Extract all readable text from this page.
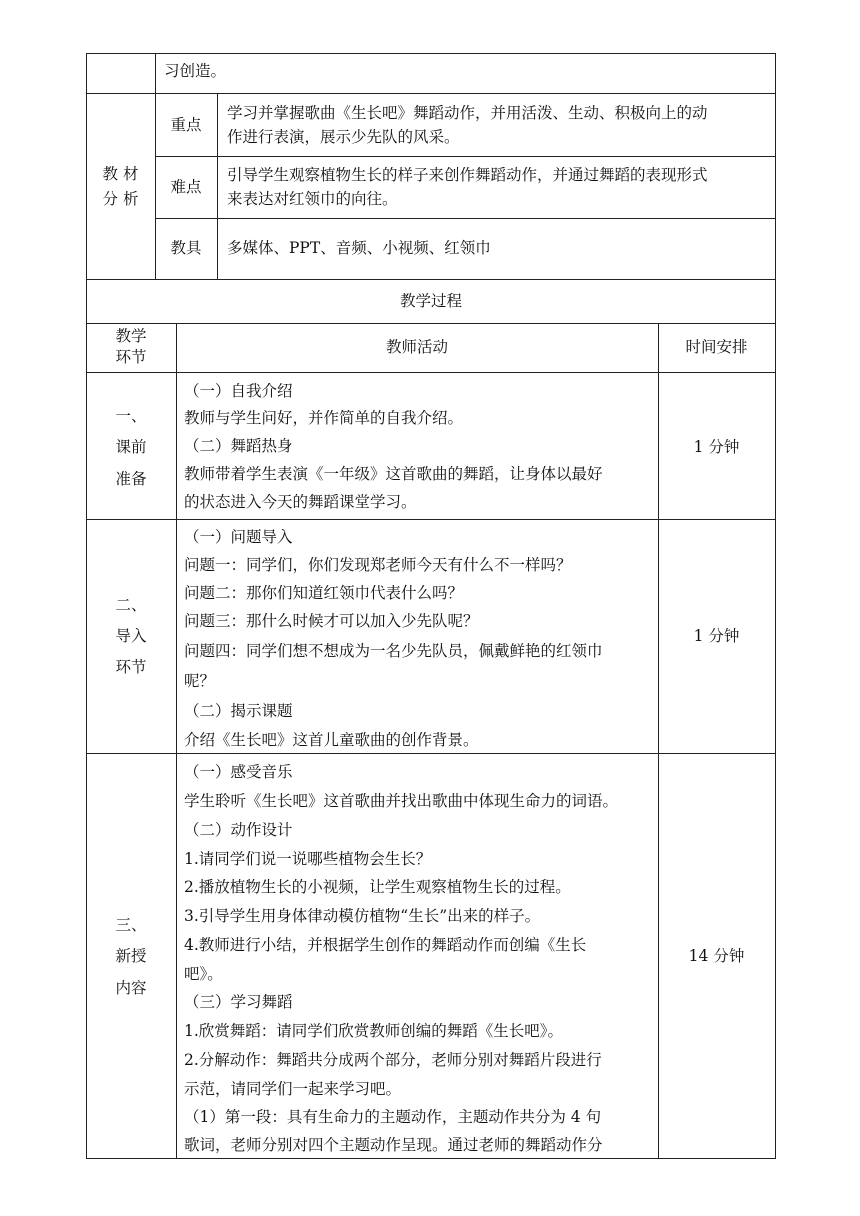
习创造。
教 材
分 析
重点
学习并掌握歌曲《生长吧》舞蹈动作，并用活泼、生动、积极向上的动
作进行表演，展示少先队的风采。
难点
引导学生观察植物生长的样子来创作舞蹈动作，并通过舞蹈的表现形式
来表达对红领巾的向往。
教具	多媒体、PPT、音频、小视频、红领巾
教学过程
教学
环节
教师活动	时间安排
一、
课前
准备
（一）自我介绍
教师与学生问好，并作简单的自我介绍。
（二）舞蹈热身
教师带着学生表演《一年级》这首歌曲的舞蹈，让身体以最好
的状态进入今天的舞蹈课堂学习。
1 分钟
二、
导入
环节
（一）问题导入
问题一：同学们，你们发现郑老师今天有什么不一样吗？
问题二：那你们知道红领巾代表什么吗？
问题三：那什么时候才可以加入少先队呢？
问题四：同学们想不想成为一名少先队员，佩戴鲜艳的红领巾
呢？
（二）揭示课题
介绍《生长吧》这首儿童歌曲的创作背景。
1 分钟
三、
新授
内容
（一）感受音乐
学生聆听《生长吧》这首歌曲并找出歌曲中体现生命力的词语。
（二）动作设计
1.请同学们说一说哪些植物会生长？
2.播放植物生长的小视频，让学生观察植物生长的过程。
3.引导学生用身体律动模仿植物“生长”出来的样子。
4.教师进行小结，并根据学生创作的舞蹈动作而创编《生长
吧》。
（三）学习舞蹈
1.欣赏舞蹈：请同学们欣赏教师创编的舞蹈《生长吧》。
2.分解动作：舞蹈共分成两个部分，老师分别对舞蹈片段进行
示范，请同学们一起来学习吧。
（1）第一段：具有生命力的主题动作，主题动作共分为 4 句
歌词，老师分别对四个主题动作呈现。通过老师的舞蹈动作分
14 分钟
